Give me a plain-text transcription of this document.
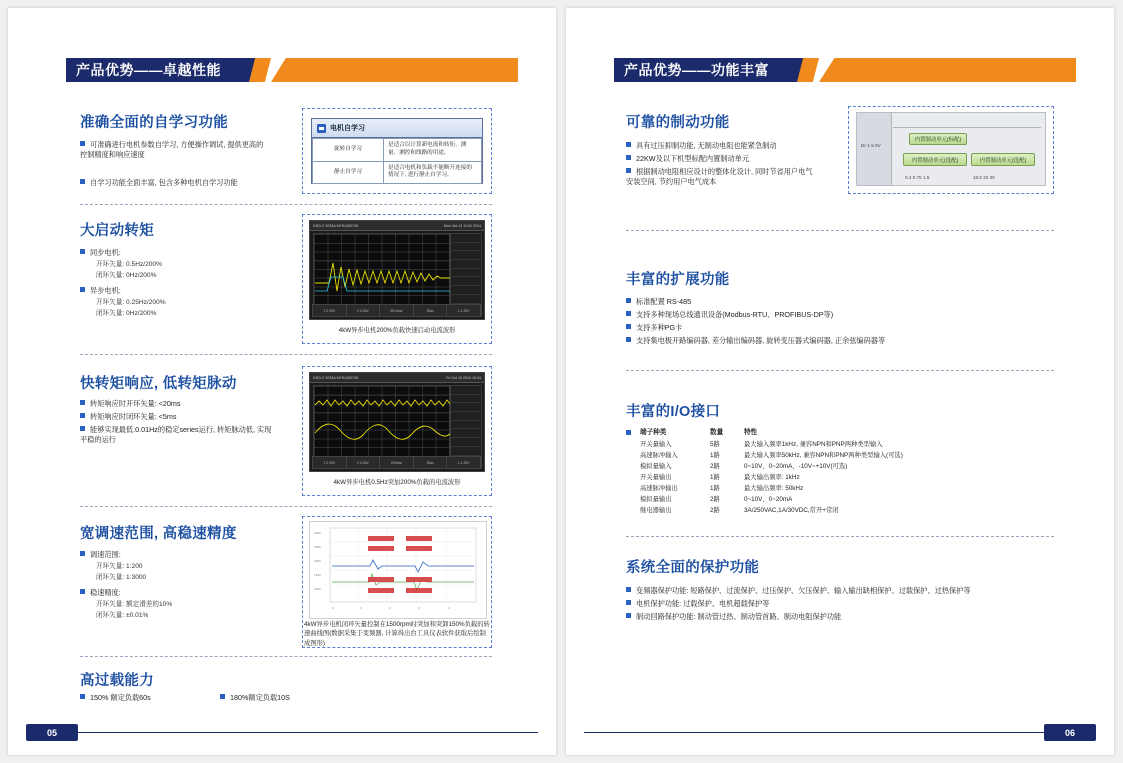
产品优势——卓越性能
准确全面的自学习功能
可准确进行电机参数自学习, 方便操作调试, 提供更高的控制精度和响应速度
自学习功能全面丰富, 包含多种电机自学习功能
电机自学习
旋转自学习	是适合以计算新电流和转矩、测量、测控和线路的用途。
静止自学习	是适合电机和负载不能断开连接的情况下, 进行静止自学习。
大启动转矩
同步电机:
开环矢量: 0.5Hz/200%
闭环矢量: 0Hz/200%
异步电机:
开环矢量: 0.25Hz/200%
闭环矢量: 0Hz/200%
DSO-X 3034A MY51490745	Mon Oct 13 11:51 2014
1 2.00V	2 2.00V	50.0ms/	Stop	1 1.20V
4kW异步电机200%负载快速启动电流波形
快转矩响应, 低转矩脉动
转矩响应时开环矢量: <20ms
转矩响应时闭环矢量: <5ms
能够实现最低.0.01Hz的稳定series运行, 转矩脉动低, 实现平稳的运行
DSO-X 3034A MY51490745	Fri Oct 10 2014 10:34
1 2.00V	2 2.00V	200ms/	Stop	1 1.20V
4kW异步电机0.5Hz突加200%负载的电流波形
宽调速范围, 高稳速精度
调速范围:
开环矢量: 1:200
闭环矢量: 1:3000
稳速精度:
开环矢量: 额定滑差的10%
闭环矢量: ±0.01%
1600
1550
1500
1450
1400
0	1	2	3	4
4kW异步电机闭环矢量控制在1500rpm时突加和突卸150%负载的转速曲线图(数据采集于变频器, 计算得出台工具仪表软件获取后绘制成图形)
高过载能力
150% 额定负载60s	180%额定负载10S
05
产品优势——功能丰富
可靠的制动功能
具有过压抑制功能, 无制动电阻也能紧急制动
22KW及以下机型标配内置制动单元
根据制动电阻相应设计的整体化设计, 同时节省用户电气安装空间, 节约用户电气成本
内置制动单元(标配)
内置制动单元(选配)	内置制动单元(选配)
Dr-1 5 0V
0.4 0.75 1.5	18.5 22 30
丰富的扩展功能
标准配置 RS-485
支持多种现场总线通讯设备(Modbus-RTU、PROFIBUS-DP等)
支持多种PG卡
支持集电极开路编码器, 差分输出编码器, 旋转变压器式编码器, 正余弦编码器等
丰富的I/O接口
端子种类	数量	特性
开关量输入	5路	最大输入频率1kHz, 兼容NPN和PNP两种类型输入
高速脉冲输入	1路	最大输入频率50kHz, 兼容NPN和PNP两种类型输入(可选)
模拟量输入	2路	0~10V、0~20mA、-10V~+10V(可选)
开关量输出	1路	最大输出频率: 1kHz
高速脉冲输出	1路	最大输出频率: 50kHz
模拟量输出	2路	0~10V、0~20mA
继电器输出	2路	3A/250VAC,1A/30VDC,常开+常闭
系统全面的保护功能
变频器保护功能: 短路保护、过流保护、过压保护、欠压保护、输入输出缺相保护、过载保护、过热保护等
电机保护功能: 过载保护、电机超载保护等
制动回路保护功能: 制动管过热、制动管首路、制动电阻保护功能
06
